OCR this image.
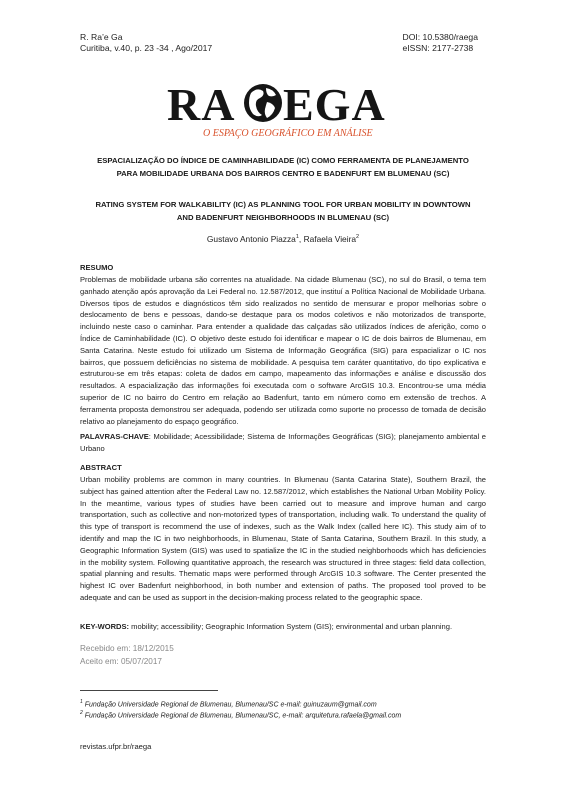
R. Ra’e Ga
Curitiba, v.40, p. 23 -34 , Ago/2017
DOI: 10.5380/raega
eISSN: 2177-2738
RA EGA
O ESPAÇO GEOGRÁFICO EM ANÁLISE
ESPACIALIZAÇÃO DO ÍNDICE DE CAMINHABILIDADE (IC) COMO FERRAMENTA DE PLANEJAMENTO
PARA MOBILIDADE URBANA DOS BAIRROS CENTRO E BADENFURT EM BLUMENAU (SC)
RATING SYSTEM FOR WALKABILITY (IC) AS PLANNING TOOL FOR URBAN MOBILITY IN DOWNTOWN
AND BADENFURT NEIGHBORHOODS IN BLUMENAU (SC)
Gustavo Antonio Piazza$^1$, Rafaela Vieira$^2$
RESUMO
Problemas de mobilidade urbana são correntes na atualidade. Na cidade Blumenau (SC), no sul do Brasil, o tema tem ganhado atenção após aprovação da Lei Federal no. 12.587/2012, que instituí a Política Nacional de Mobilidade Urbana. Diversos tipos de estudos e diagnósticos têm sido realizados no sentido de mensurar e propor melhorias sobre o deslocamento de bens e pessoas, dando-se destaque para os modos coletivos e não motorizados de transporte, incluindo neste caso o caminhar. Para entender a qualidade das calçadas são utilizados índices de aferição, como o Índice de Caminhabilidade (IC). O objetivo deste estudo foi identificar e mapear o IC de dois bairros de Blumenau, em Santa Catarina. Neste estudo foi utilizado um Sistema de Informação Geográfica (SIG) para espacializar o IC nos bairros, que possuem deficiências no sistema de mobilidade. A pesquisa tem caráter quantitativo, do tipo explicativa e estruturou-se em três etapas: coleta de dados em campo, mapeamento das informações e análise e discussão dos resultados. A espacialização das informações foi executada com o software ArcGIS 10.3. Encontrou-se uma média superior de IC no bairro do Centro em relação ao Badenfurt, tanto em número como em extensão de trechos. A ferramenta proposta demonstrou ser adequada, podendo ser utilizada como suporte no processo de tomada de decisão relativo ao planejamento do espaço geográfico.
PALAVRAS-CHAVE: Mobilidade; Acessibilidade; Sistema de Informações Geográficas (SIG); planejamento ambiental e Urbano
ABSTRACT
Urban mobility problems are common in many countries. In Blumenau (Santa Catarina State), Southern Brazil, the subject has gained attention after the Federal Law no. 12.587/2012, which establishes the National Urban Mobility Policy. In the meantime, various types of studies have been carried out to measure and improve human and cargo transportation, such as collective and non-motorized types of transportation, including walk. To understand the quality of this type of transport is recommend the use of indexes, such as the Walk Index (called here IC). This study aim of to identify and map the IC in two neighborhoods, in Blumenau, State of Santa Catarina, Southern Brazil. In this study, a Geographic Information System (GIS) was used to spatialize the IC in the studied neighborhoods which has deficiencies in the mobility system. Following quantitative approach, the research was structured in three stages: field data collection, spatial planning and results. Thematic maps were performed through ArcGIS 10.3 software. The Center presented the highest IC over Badenfurt neighborhood, in both number and extension of paths. The proposed tool proved to be adequate and can be used as support in the decision-making process related to the geographic space.
KEY-WORDS: mobility; accessibility; Geographic Information System (GIS); environmental and urban planning.
Recebido em: 18/12/2015
Aceito em: 05/07/2017
$^1$ Fundação Universidade Regional de Blumenau, Blumenau/SC e-mail: guinuzaum@gmail.com
$^2$ Fundação Universidade Regional de Blumenau, Blumenau/SC, e-mail: arquitetura.rafaela@gmail.com
revistas.ufpr.br/raega
